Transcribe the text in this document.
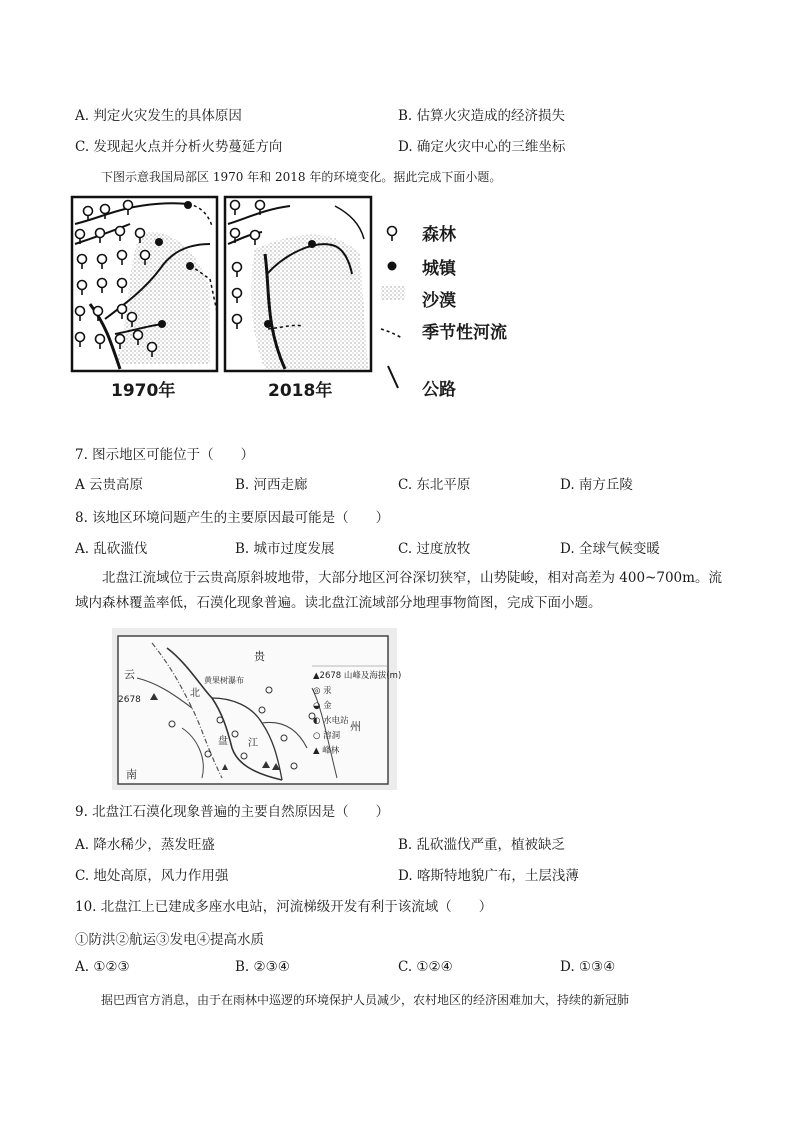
A. 判定火灾发生的具体原因	B. 估算火灾造成的经济损失
C. 发现起火点并分析火势蔓延方向	D. 确定火灾中心的三维坐标
下图示意我国局部区 1970 年和 2018 年的环境变化。据此完成下面小题。
1970年	2018年
森林
城镇
沙漠
季节性河流
公路
7. 图示地区可能位于（　　）
A 云贵高原	B. 河西走廊	C. 东北平原	D. 南方丘陵
8. 该地区环境问题产生的主要原因最可能是（　　）
A. 乱砍滥伐	B. 城市过度发展	C. 过度放牧	D. 全球气候变暖
北盘江流域位于云贵高原斜坡地带，大部分地区河谷深切狭窄，山势陡峻，相对高差为 400~700m。流域内森林覆盖率低，石漠化现象普遍。读北盘江流域部分地理事物简图，完成下面小题。
贵
云
2678
南
州
北
盘 江
黄果树瀑布	▲2678 山峰及海拔(m)
◎ 汞
◒ 金
◐ 水电站
○ 溶洞
▲ 峰林
9. 北盘江石漠化现象普遍的主要自然原因是（　　）
A. 降水稀少，蒸发旺盛	B. 乱砍滥伐严重，植被缺乏
C. 地处高原，风力作用强	D. 喀斯特地貌广布，土层浅薄
10. 北盘江上已建成多座水电站，河流梯级开发有利于该流域（　　）
①防洪②航运③发电④提高水质
A. ①②③	B. ②③④	C. ①②④	D. ①③④
据巴西官方消息，由于在雨林中巡逻的环境保护人员减少，农村地区的经济困难加大，持续的新冠肺
